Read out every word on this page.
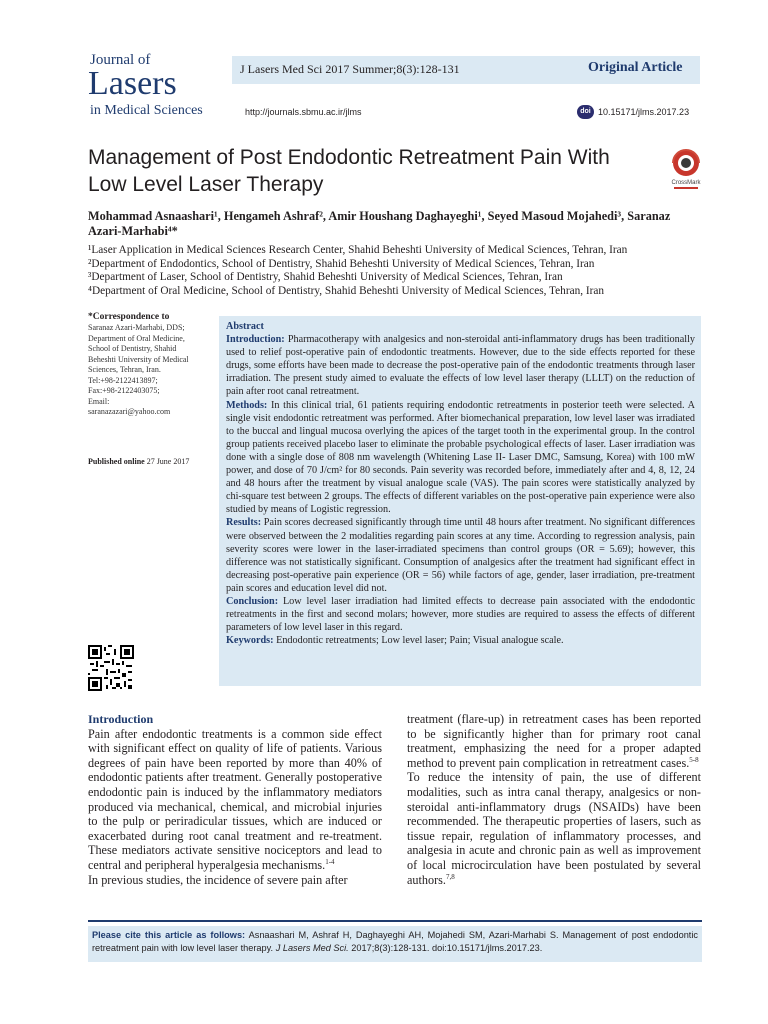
Journal of
Lasers
in Medical Sciences
J Lasers Med Sci 2017 Summer;8(3):128-131	Original Article
http://journals.sbmu.ac.ir/jlms	doi 10.15171/jlms.2017.23
Management of Post Endodontic Retreatment Pain With Low Level Laser Therapy	CrossMark
Mohammad Asnaashari¹, Hengameh Ashraf², Amir Houshang Daghayeghi¹, Seyed Masoud Mojahedi³, Saranaz Azari-Marhabi⁴*
¹Laser Application in Medical Sciences Research Center, Shahid Beheshti University of Medical Sciences, Tehran, Iran
²Department of Endodontics, School of Dentistry, Shahid Beheshti University of Medical Sciences, Tehran, Iran
³Department of Laser, School of Dentistry, Shahid Beheshti University of Medical Sciences, Tehran, Iran
⁴Department of Oral Medicine, School of Dentistry, Shahid Beheshti University of Medical Sciences, Tehran, Iran
*Correspondence to
Saranaz Azari-Marhabi, DDS;
Department of Oral Medicine,
School of Dentistry, Shahid
Beheshti University of Medical
Sciences, Tehran, Iran.
Tel:+98-2122413897;
Fax:+98-2122403075;
Email:
saranazazari@yahoo.com
Published online 27 June 2017
Abstract

Introduction: Pharmacotherapy with analgesics and non-steroidal anti-inflammatory drugs has been traditionally used to relief post-operative pain of endodontic treatments. However, due to the side effects reported for these drugs, some efforts have been made to decrease the post-operative pain of the endodontic treatments through laser irradiation. The present study aimed to evaluate the effects of low level laser therapy (LLLT) on the reduction of pain after root canal retreatment.

Methods: In this clinical trial, 61 patients requiring endodontic retreatments in posterior teeth were selected. A single visit endodontic retreatment was performed. After biomechanical preparation, low level laser was irradiated to the buccal and lingual mucosa overlying the apices of the target tooth in the experimental group. In the control group patients received placebo laser to eliminate the probable psychological effects of laser. Laser irradiation was done with a single dose of 808 nm wavelength (Whitening Lase II- Laser DMC, Samsung, Korea) with 100 mW power, and dose of 70 J/cm² for 80 seconds. Pain severity was recorded before, immediately after and 4, 8, 12, 24 and 48 hours after the treatment by visual analogue scale (VAS). The pain scores were statistically analyzed by chi-square test between 2 groups. The effects of different variables on the post-operative pain experience were also studied by means of Logistic regression.

Results: Pain scores decreased significantly through time until 48 hours after treatment. No significant differences were observed between the 2 modalities regarding pain scores at any time. According to regression analysis, pain severity scores were lower in the laser-irradiated specimens than control groups (OR = 5.69); however, this difference was not statistically significant. Consumption of analgesics after the treatment had significant effect in decreasing post-operative pain experience (OR = 56) while factors of age, gender, laser irradiation, pre-treatment pain scores and education level did not.

Conclusion: Low level laser irradiation had limited effects to decrease pain associated with the endodontic retreatments in the first and second molars; however, more studies are required to assess the effects of different parameters of low level laser in this regard.

Keywords: Endodontic retreatments; Low level laser; Pain; Visual analogue scale.

Introduction

Pain after endodontic treatments is a common side effect with significant effect on quality of life of patients. Various degrees of pain have been reported by more than 40% of endodontic patients after treatment. Generally postoperative endodontic pain is induced by the inflammatory mediators produced via mechanical, chemical, and microbial injuries to the pulp or periradicular tissues, which are induced or exacerbated during root canal treatment and re-treatment. These mediators activate sensitive nociceptors and lead to central and peripheral hyperalgesia mechanisms.$^{1-4}$

In previous studies, the incidence of severe pain after

treatment (flare-up) in retreatment cases has been reported to be significantly higher than for primary root canal treatment, emphasizing the need for a proper adapted method to prevent pain complication in retreatment cases.$^{5-8}$

To reduce the intensity of pain, the use of different modalities, such as intra canal therapy, analgesics or non-steroidal anti-inflammatory drugs (NSAIDs) have been recommended. The therapeutic properties of lasers, such as tissue repair, regulation of inflammatory processes, and analgesia in acute and chronic pain as well as improvement of local microcirculation have been postulated by several authors.$^{7,8}$

Please cite this article as follows: Asnaashari M, Ashraf H, Daghayeghi AH, Mojahedi SM, Azari-Marhabi S. Management of post endodontic retreatment pain with low level laser therapy. J Lasers Med Sci. 2017;8(3):128-131. doi:10.15171/jlms.2017.23.
